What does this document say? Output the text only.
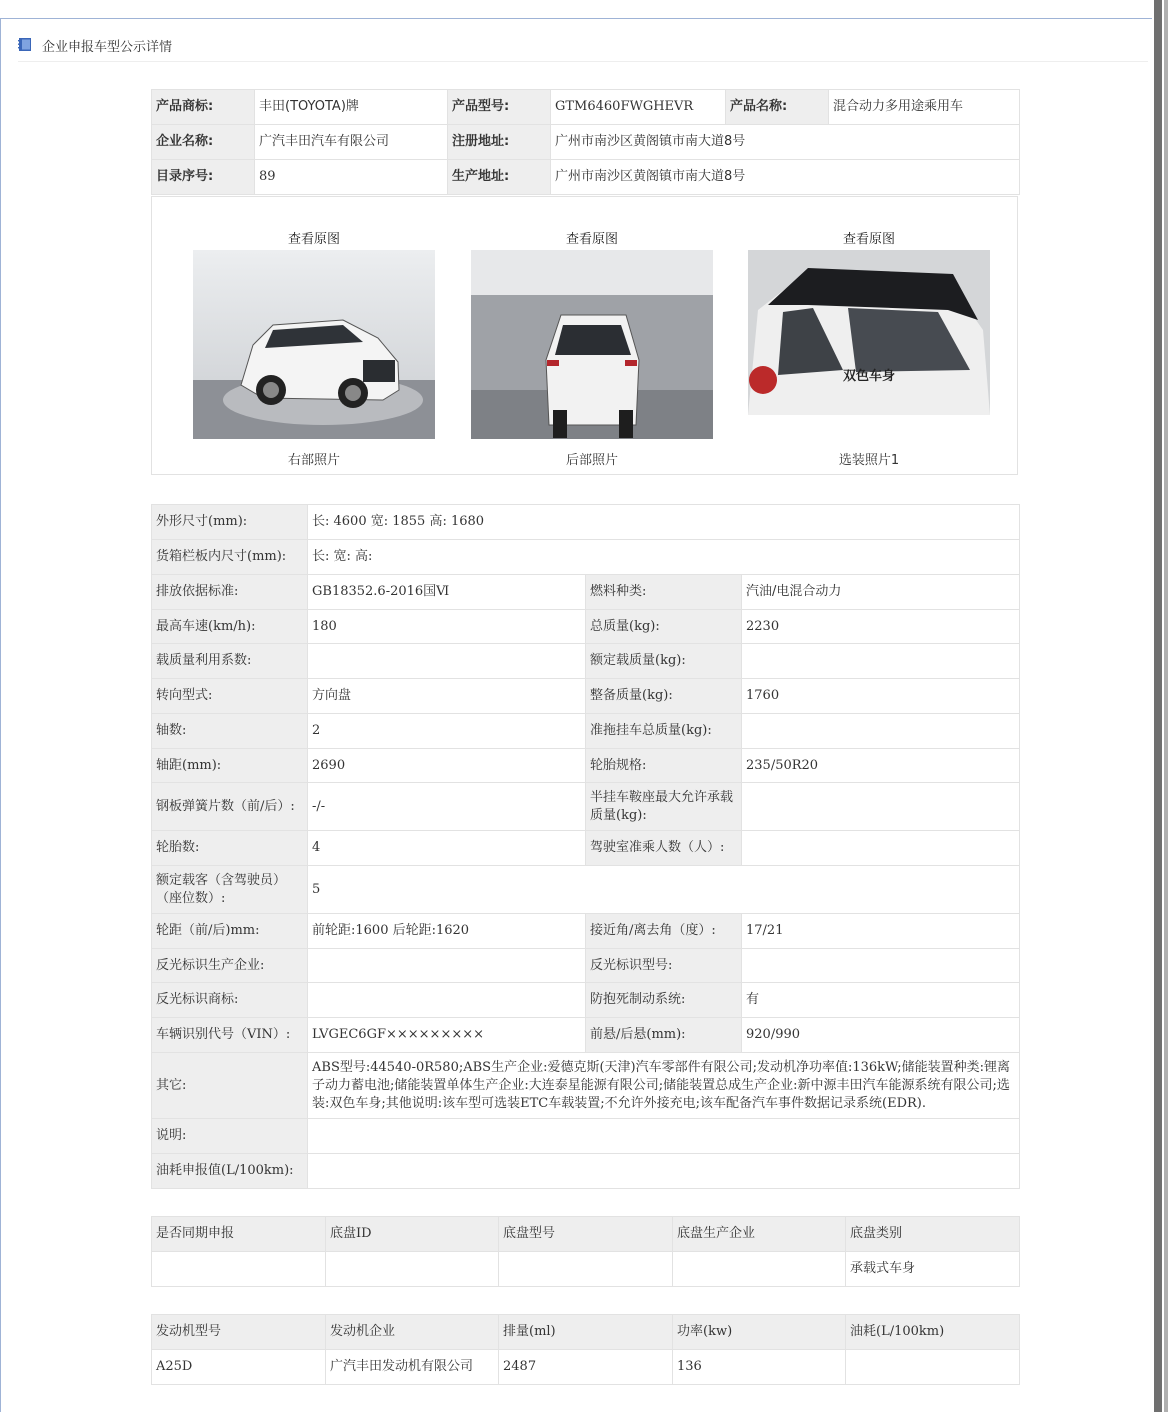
企业申报车型公示详情
产品商标:	丰田(TOYOTA)牌	产品型号:	GTM6460FWGHEVR	产品名称:	混合动力多用途乘用车
企业名称:	广汽丰田汽车有限公司	注册地址:	广州市南沙区黄阁镇市南大道8号		
目录序号:	89	生产地址:	广州市南沙区黄阁镇市南大道8号		
查看原图
右部照片
查看原图
后部照片
查看原图
双色车身
选装照片1
外形尺寸(mm):	长: 4600 宽: 1855 高: 1680		
货箱栏板内尺寸(mm):	长: 宽: 高:		
排放依据标准:	GB18352.6-2016国Ⅵ	燃料种类:	汽油/电混合动力
最高车速(km/h):	180	总质量(kg):	2230
载质量利用系数:		额定载质量(kg):	
转向型式:	方向盘	整备质量(kg):	1760
轴数:	2	准拖挂车总质量(kg):	
轴距(mm):	2690	轮胎规格:	235/50R20
钢板弹簧片数（前/后）:	-/-	半挂车鞍座最大允许承载质量(kg):	
轮胎数:	4	驾驶室准乘人数（人）:	
额定载客（含驾驶员）（座位数）:	5		
轮距（前/后)mm:	前轮距:1600 后轮距:1620	接近角/离去角（度）:	17/21
反光标识生产企业:		反光标识型号:	
反光标识商标:		防抱死制动系统:	有
车辆识别代号（VIN）:	LVGEC6GF×××××××××	前悬/后悬(mm):	920/990
其它:	ABS型号:44540-0R580;ABS生产企业:爱德克斯(天津)汽车零部件有限公司;发动机净功率值:136kW;储能装置种类:锂离子动力蓄电池;储能装置单体生产企业:大连泰星能源有限公司;储能装置总成生产企业:新中源丰田汽车能源系统有限公司;选装:双色车身;其他说明:该车型可选装ETC车载装置;不允许外接充电;该车配备汽车事件数据记录系统(EDR).		
说明:			
油耗申报值(L/100km):			
是否同期申报	底盘ID	底盘型号	底盘生产企业	底盘类别
				承载式车身
发动机型号	发动机企业	排量(ml)	功率(kw)	油耗(L/100km)
A25D	广汽丰田发动机有限公司	2487	136	
